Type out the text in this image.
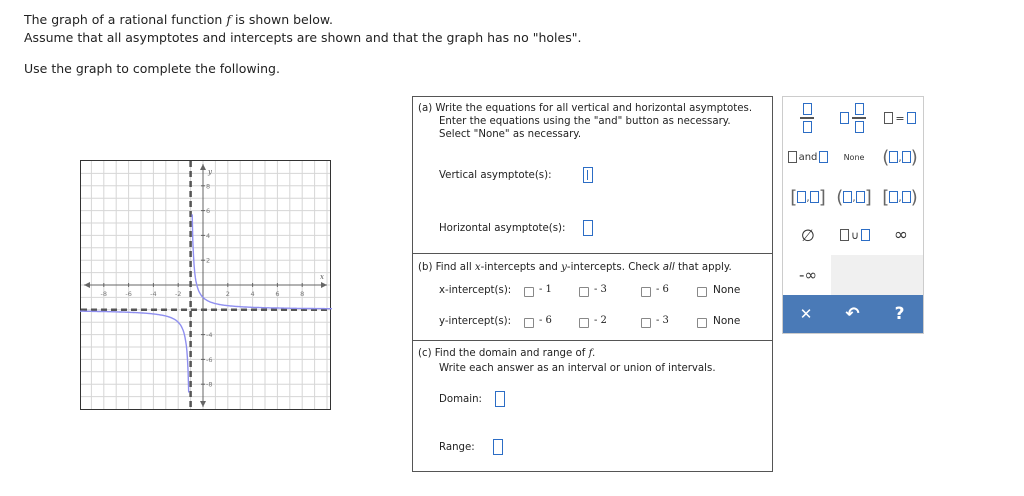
The graph of a rational function f is shown below.
Assume that all asymptotes and intercepts are shown and that the graph has no "holes".
Use the graph to complete the following.
-8	-6	-4	-2	2	4	6	8
8
6
4
2
-4
-6
-8
x
y
(a) Write the equations for all vertical and horizontal asymptotes.
Enter the equations using the "and" button as necessary.
Select "None" as necessary.
Vertical asymptote(s):
Horizontal asymptote(s):
(b) Find all x-intercepts and y-intercepts. Check all that apply.
x-intercept(s):	- 1	- 3	- 6	None
y-intercept(s):	- 6	- 2	- 3	None
(c) Find the domain and range of f.
Write each answer as an interval or union of intervals.
Domain:
Range:
=
and	None ( , )
[ , ] ( , ] [ , )
∅	∪	∞
-∞
✕ ↶ ?
